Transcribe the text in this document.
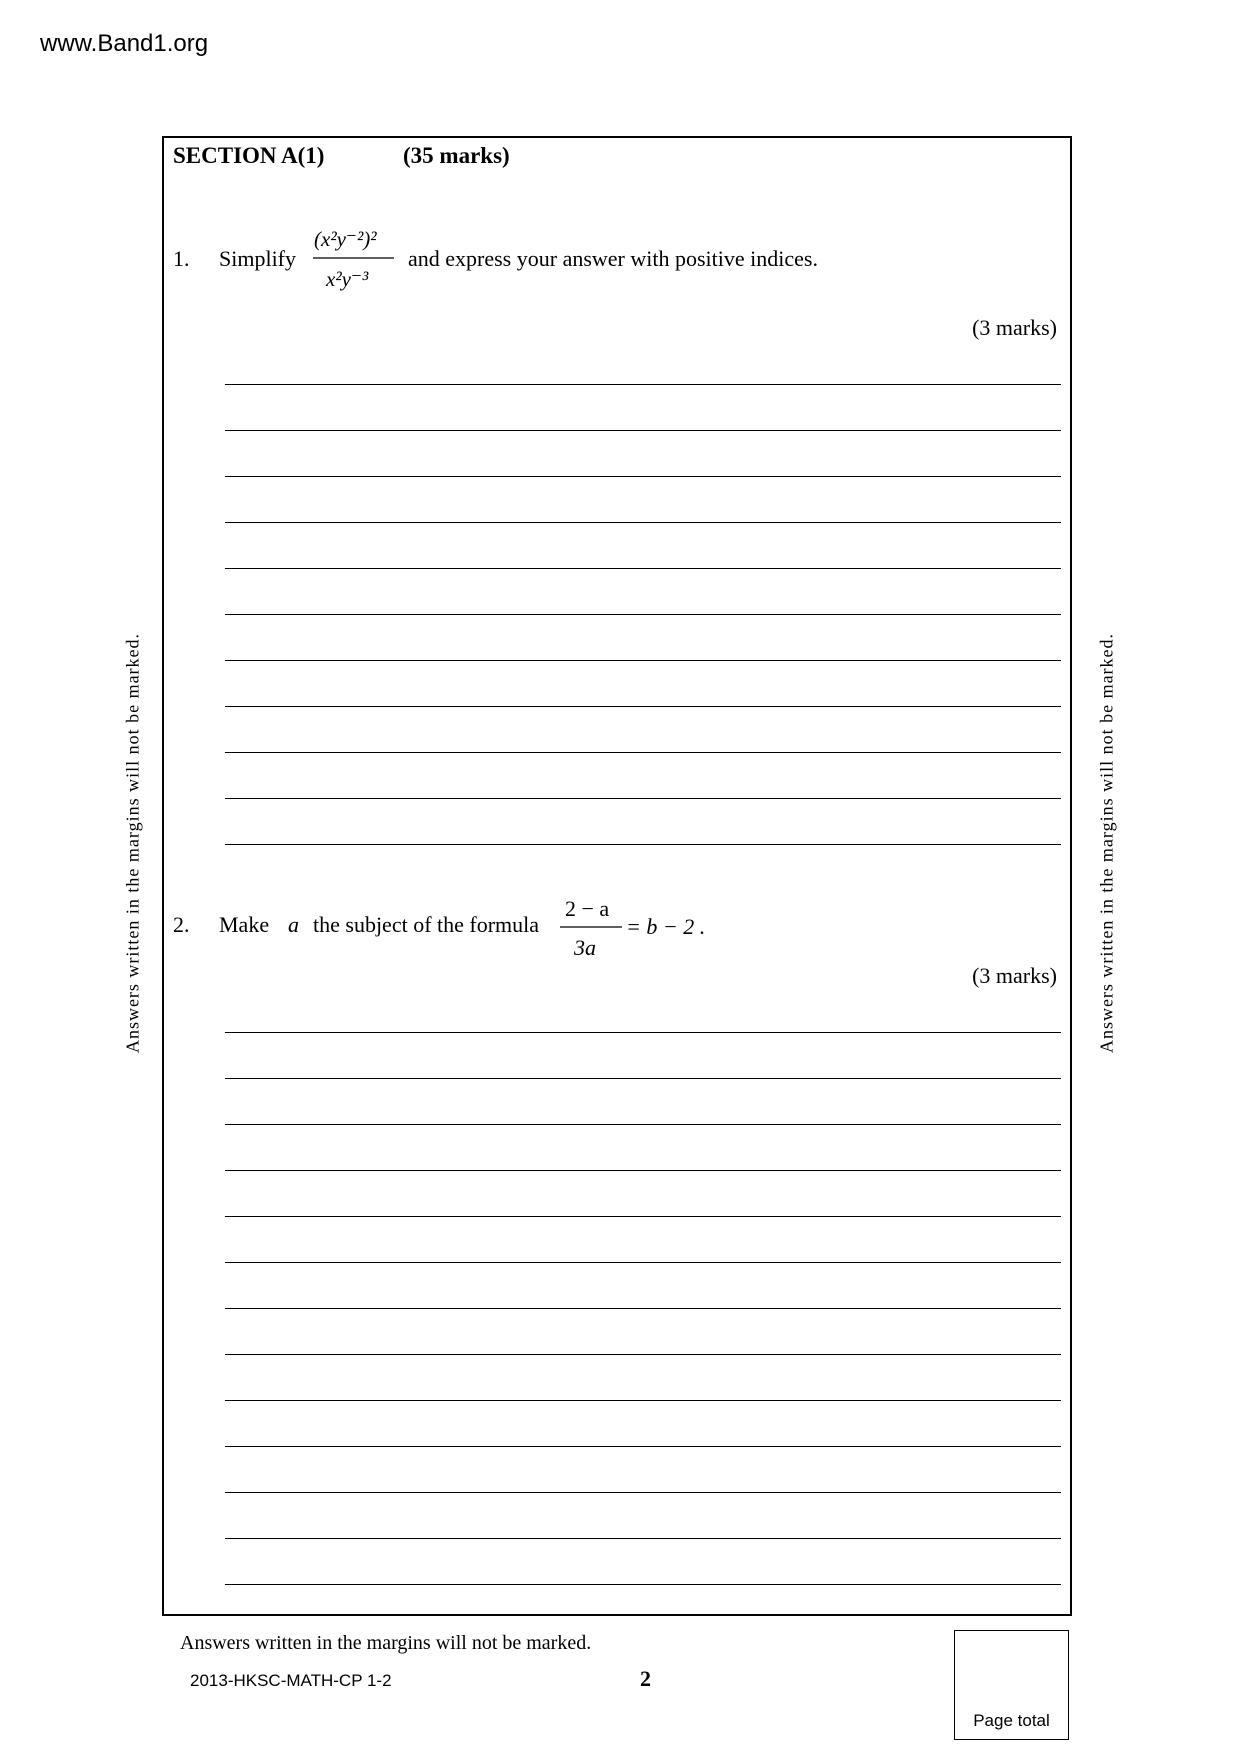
www.Band1.org
SECTION A(1)	(35 marks)
1. Simplify
(x²y⁻²)²
x²y⁻³
and express your answer with positive indices.
(3 marks)
2. Make a the subject of the formula
2 − a
3a
= b − 2 .
(3 marks)
Answers written in the margins will not be marked.	Answers written in the margins will not be marked.
Answers written in the margins will not be marked.
2013-HKSC-MATH-CP 1-2	2
Page total
